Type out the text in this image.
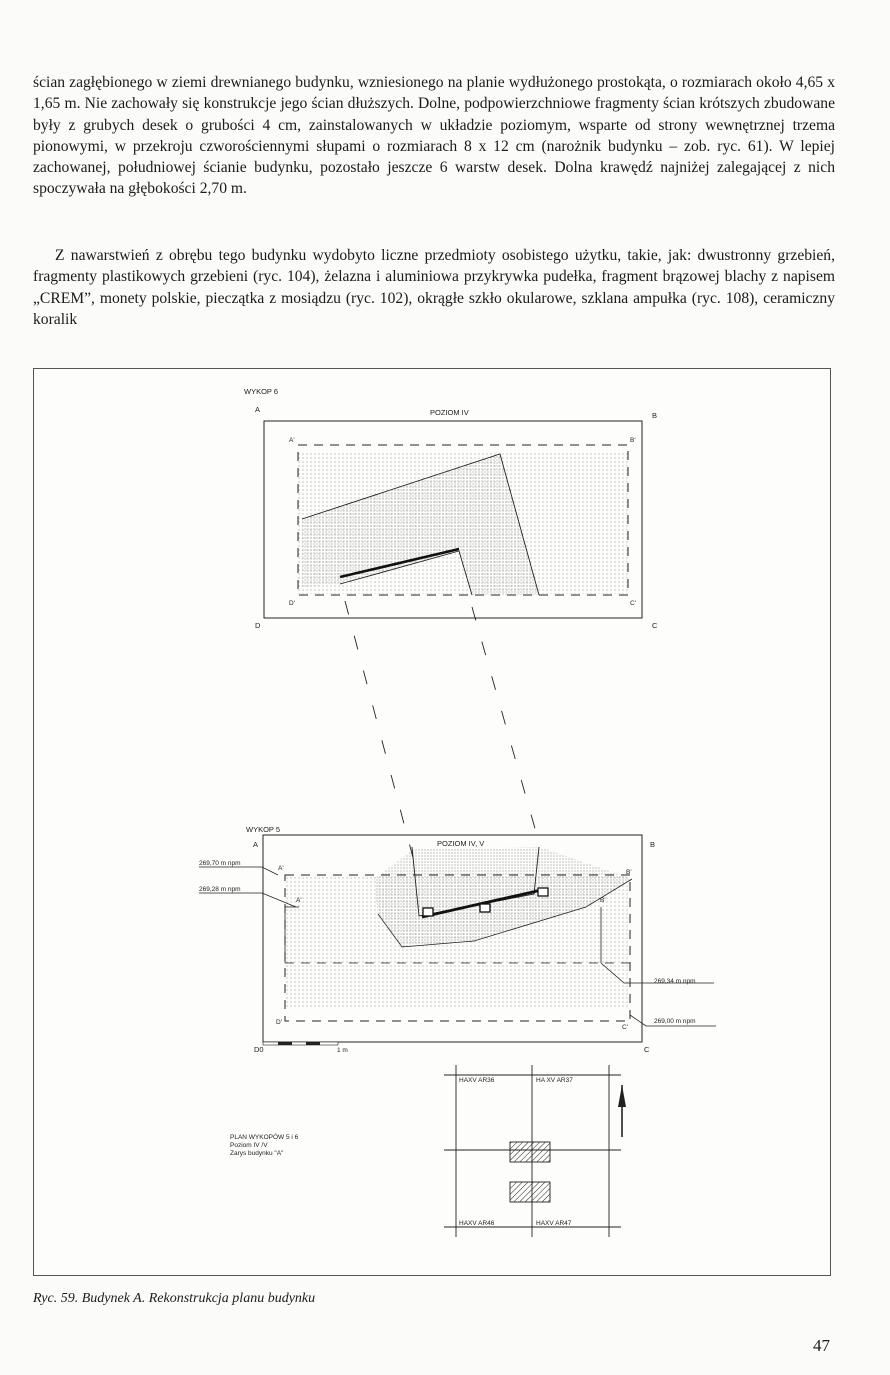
ścian zagłębionego w ziemi drewnianego budynku, wzniesionego na planie wydłużonego prostokąta, o rozmiarach około 4,65 x 1,65 m. Nie zachowały się konstrukcje jego ścian dłuższych. Dolne, podpowierzchniowe fragmenty ścian krótszych zbudowane były z grubych desek o grubości 4 cm, zainstalowanych w układzie poziomym, wsparte od strony wewnętrznej trzema pionowymi, w przekroju czworościennymi słupami o rozmiarach 8 x 12 cm (narożnik budynku – zob. ryc. 61). W lepiej zachowanej, południowej ścianie budynku, pozostało jeszcze 6 warstw desek. Dolna krawędź najniżej zalegającej z nich spoczywała na głębokości 2,70 m.

Z nawarstwień z obrębu tego budynku wydobyto liczne przedmioty osobistego użytku, takie, jak: dwustronny grzebień, fragmenty plastikowych grzebieni (ryc. 104), żelazna i aluminiowa przykrywka pudełka, fragment brązowej blachy z napisem „CREM”, monety polskie, pieczątka z mosiądzu (ryc. 102), okrągłe szkło okularowe, szklana ampułka (ryc. 108), ceramiczny koralik

WYKOP 6
POZIOM IV
A
B
D	C
A'	B'
D'	C'
WYKOP 5
POZIOM IV, V
A	B
D0	C
1 m
A'
B'
A'	B'
D'
C'
269,70 m npm
269,28 m npm
269,34 m npm
269,00 m npm
PLAN WYKOPÓW 5 i 6
Poziom IV /V
Zarys budynku "A"
HAXV AR36	HA XV AR37
HAXV AR46	HAXV AR47

Ryc. 59. Budynek A. Rekonstrukcja planu budynku

47
